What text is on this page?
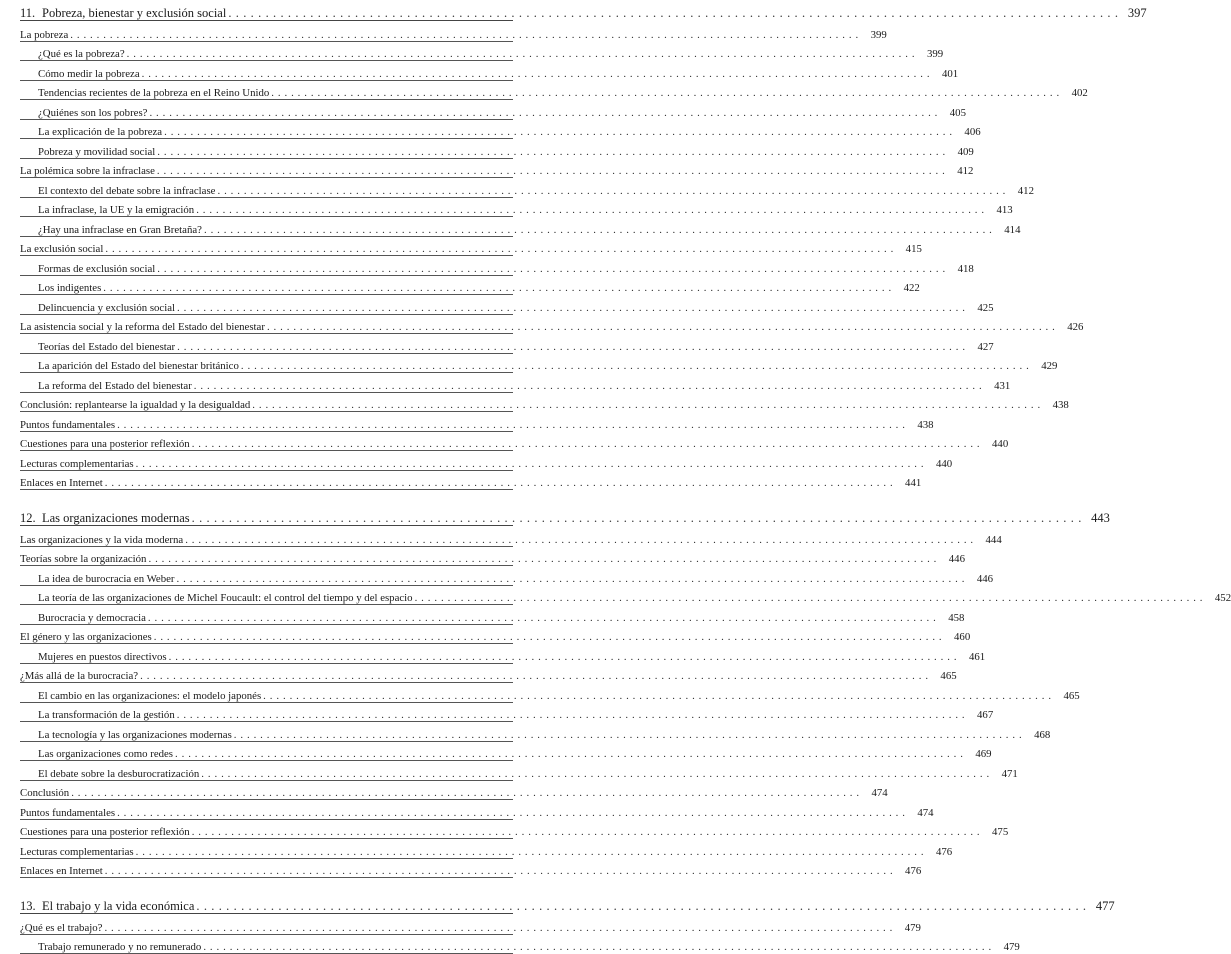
11. Pobreza, bienestar y exclusión social . . . . . . . . . . . . . . . . . . . . . . . . . . . . . . . . . . . . . . . . . . . . . . . . . . . . . . . . . . . . . . . . . . . . . . . . . . . . . . . . . . . . . . . . . . . . . . . . . . . . . . . . . . . . . . . . . . . . . . . . 397
La pobreza . . . . . . . . . . . . . . . . . . . . . . . . . . . . . . . . . . . . . . . . . . . . . . . . . . . . . . . . . . . . . . . . . . . . . . . . . . . . . . . . . . . . . . . . . . . . . . . . . . . . . . . . . . . . . . . . . . . . . . . .	399
¿Qué es la pobreza? . . . . . . . . . . . . . . . . . . . . . . . . . . . . . . . . . . . . . . . . . . . . . . . . . . . . . . . . . . . . . . . . . . . . . . . . . . . . . . . . . . . . . . . . . . . . . . . . . . . . . . . . . . . . . . . . . . . . . . . .	399
Cómo medir la pobreza . . . . . . . . . . . . . . . . . . . . . . . . . . . . . . . . . . . . . . . . . . . . . . . . . . . . . . . . . . . . . . . . . . . . . . . . . . . . . . . . . . . . . . . . . . . . . . . . . . . . . . . . . . . . . . . . . . . . . . . .	401
Tendencias recientes de la pobreza en el Reino Unido . . . . . . . . . . . . . . . . . . . . . . . . . . . . . . . . . . . . . . . . . . . . . . . . . . . . . . . . . . . . . . . . . . . . . . . . . . . . . . . . . . . . . . . . . . . . . . . . . . . . . . . . . . . . . . . . . . . . . . . .	402
¿Quiénes son los pobres? . . . . . . . . . . . . . . . . . . . . . . . . . . . . . . . . . . . . . . . . . . . . . . . . . . . . . . . . . . . . . . . . . . . . . . . . . . . . . . . . . . . . . . . . . . . . . . . . . . . . . . . . . . . . . . . . . . . . . . . .	405
La explicación de la pobreza . . . . . . . . . . . . . . . . . . . . . . . . . . . . . . . . . . . . . . . . . . . . . . . . . . . . . . . . . . . . . . . . . . . . . . . . . . . . . . . . . . . . . . . . . . . . . . . . . . . . . . . . . . . . . . . . . . . . . . . .	406
Pobreza y movilidad social . . . . . . . . . . . . . . . . . . . . . . . . . . . . . . . . . . . . . . . . . . . . . . . . . . . . . . . . . . . . . . . . . . . . . . . . . . . . . . . . . . . . . . . . . . . . . . . . . . . . . . . . . . . . . . . . . . . . . . . .	409
La polémica sobre la infraclase . . . . . . . . . . . . . . . . . . . . . . . . . . . . . . . . . . . . . . . . . . . . . . . . . . . . . . . . . . . . . . . . . . . . . . . . . . . . . . . . . . . . . . . . . . . . . . . . . . . . . . . . . . . . . . . . . . . . . . . .	412
El contexto del debate sobre la infraclase . . . . . . . . . . . . . . . . . . . . . . . . . . . . . . . . . . . . . . . . . . . . . . . . . . . . . . . . . . . . . . . . . . . . . . . . . . . . . . . . . . . . . . . . . . . . . . . . . . . . . . . . . . . . . . . . . . . . . . . .	412
La infraclase, la UE y la emigración . . . . . . . . . . . . . . . . . . . . . . . . . . . . . . . . . . . . . . . . . . . . . . . . . . . . . . . . . . . . . . . . . . . . . . . . . . . . . . . . . . . . . . . . . . . . . . . . . . . . . . . . . . . . . . . . . . . . . . . .	413
¿Hay una infraclase en Gran Bretaña? . . . . . . . . . . . . . . . . . . . . . . . . . . . . . . . . . . . . . . . . . . . . . . . . . . . . . . . . . . . . . . . . . . . . . . . . . . . . . . . . . . . . . . . . . . . . . . . . . . . . . . . . . . . . . . . . . . . . . . . .	414
La exclusión social . . . . . . . . . . . . . . . . . . . . . . . . . . . . . . . . . . . . . . . . . . . . . . . . . . . . . . . . . . . . . . . . . . . . . . . . . . . . . . . . . . . . . . . . . . . . . . . . . . . . . . . . . . . . . . . . . . . . . . . .	415
Formas de exclusión social . . . . . . . . . . . . . . . . . . . . . . . . . . . . . . . . . . . . . . . . . . . . . . . . . . . . . . . . . . . . . . . . . . . . . . . . . . . . . . . . . . . . . . . . . . . . . . . . . . . . . . . . . . . . . . . . . . . . . . . .	418
Los indigentes . . . . . . . . . . . . . . . . . . . . . . . . . . . . . . . . . . . . . . . . . . . . . . . . . . . . . . . . . . . . . . . . . . . . . . . . . . . . . . . . . . . . . . . . . . . . . . . . . . . . . . . . . . . . . . . . . . . . . . . .	422
Delincuencia y exclusión social . . . . . . . . . . . . . . . . . . . . . . . . . . . . . . . . . . . . . . . . . . . . . . . . . . . . . . . . . . . . . . . . . . . . . . . . . . . . . . . . . . . . . . . . . . . . . . . . . . . . . . . . . . . . . . . . . . . . . . . .	425
La asistencia social y la reforma del Estado del bienestar . . . . . . . . . . . . . . . . . . . . . . . . . . . . . . . . . . . . . . . . . . . . . . . . . . . . . . . . . . . . . . . . . . . . . . . . . . . . . . . . . . . . . . . . . . . . . . . . . . . . . . . . . . . . . . . . . . . . . . . .	426
Teorías del Estado del bienestar . . . . . . . . . . . . . . . . . . . . . . . . . . . . . . . . . . . . . . . . . . . . . . . . . . . . . . . . . . . . . . . . . . . . . . . . . . . . . . . . . . . . . . . . . . . . . . . . . . . . . . . . . . . . . . . . . . . . . . . .	427
La aparición del Estado del bienestar británico . . . . . . . . . . . . . . . . . . . . . . . . . . . . . . . . . . . . . . . . . . . . . . . . . . . . . . . . . . . . . . . . . . . . . . . . . . . . . . . . . . . . . . . . . . . . . . . . . . . . . . . . . . . . . . . . . . . . . . . .	429
La reforma del Estado del bienestar . . . . . . . . . . . . . . . . . . . . . . . . . . . . . . . . . . . . . . . . . . . . . . . . . . . . . . . . . . . . . . . . . . . . . . . . . . . . . . . . . . . . . . . . . . . . . . . . . . . . . . . . . . . . . . . . . . . . . . . .	431
Conclusión: replantearse la igualdad y la desigualdad . . . . . . . . . . . . . . . . . . . . . . . . . . . . . . . . . . . . . . . . . . . . . . . . . . . . . . . . . . . . . . . . . . . . . . . . . . . . . . . . . . . . . . . . . . . . . . . . . . . . . . . . . . . . . . . . . . . . . . . .	438
Puntos fundamentales . . . . . . . . . . . . . . . . . . . . . . . . . . . . . . . . . . . . . . . . . . . . . . . . . . . . . . . . . . . . . . . . . . . . . . . . . . . . . . . . . . . . . . . . . . . . . . . . . . . . . . . . . . . . . . . . . . . . . . . .	438
Cuestiones para una posterior reflexión . . . . . . . . . . . . . . . . . . . . . . . . . . . . . . . . . . . . . . . . . . . . . . . . . . . . . . . . . . . . . . . . . . . . . . . . . . . . . . . . . . . . . . . . . . . . . . . . . . . . . . . . . . . . . . . . . . . . . . . .	440
Lecturas complementarias . . . . . . . . . . . . . . . . . . . . . . . . . . . . . . . . . . . . . . . . . . . . . . . . . . . . . . . . . . . . . . . . . . . . . . . . . . . . . . . . . . . . . . . . . . . . . . . . . . . . . . . . . . . . . . . . . . . . . . . .	440
Enlaces en Internet . . . . . . . . . . . . . . . . . . . . . . . . . . . . . . . . . . . . . . . . . . . . . . . . . . . . . . . . . . . . . . . . . . . . . . . . . . . . . . . . . . . . . . . . . . . . . . . . . . . . . . . . . . . . . . . . . . . . . . . .	441
12. Las organizaciones modernas . . . . . . . . . . . . . . . . . . . . . . . . . . . . . . . . . . . . . . . . . . . . . . . . . . . . . . . . . . . . . . . . . . . . . . . . . . . . . . . . . . . . . . . . . . . . . . . . . . . . . . . . . . . . . . . . . . . . . . . . 443
Las organizaciones y la vida moderna . . . . . . . . . . . . . . . . . . . . . . . . . . . . . . . . . . . . . . . . . . . . . . . . . . . . . . . . . . . . . . . . . . . . . . . . . . . . . . . . . . . . . . . . . . . . . . . . . . . . . . . . . . . . . . . . . . . . . . . .	444
Teorías sobre la organización . . . . . . . . . . . . . . . . . . . . . . . . . . . . . . . . . . . . . . . . . . . . . . . . . . . . . . . . . . . . . . . . . . . . . . . . . . . . . . . . . . . . . . . . . . . . . . . . . . . . . . . . . . . . . . . . . . . . . . . .	446
La idea de burocracia en Weber . . . . . . . . . . . . . . . . . . . . . . . . . . . . . . . . . . . . . . . . . . . . . . . . . . . . . . . . . . . . . . . . . . . . . . . . . . . . . . . . . . . . . . . . . . . . . . . . . . . . . . . . . . . . . . . . . . . . . . . .	446
La teoría de las organizaciones de Michel Foucault: el control del tiempo y del espacio . . . . . . . . . . . . . . . . . . . . . . . . . . . . . . . . . . . . . . . . . . . . . . . . . . . . . . . . . . . . . . . . . . . . . . . . . . . . . . . . . . . . . . . . . . . . . . . . . . . . . . . . . . . . . . . . . . . . . . . .	452
Burocracia y democracia . . . . . . . . . . . . . . . . . . . . . . . . . . . . . . . . . . . . . . . . . . . . . . . . . . . . . . . . . . . . . . . . . . . . . . . . . . . . . . . . . . . . . . . . . . . . . . . . . . . . . . . . . . . . . . . . . . . . . . . .	458
El género y las organizaciones . . . . . . . . . . . . . . . . . . . . . . . . . . . . . . . . . . . . . . . . . . . . . . . . . . . . . . . . . . . . . . . . . . . . . . . . . . . . . . . . . . . . . . . . . . . . . . . . . . . . . . . . . . . . . . . . . . . . . . . .	460
Mujeres en puestos directivos . . . . . . . . . . . . . . . . . . . . . . . . . . . . . . . . . . . . . . . . . . . . . . . . . . . . . . . . . . . . . . . . . . . . . . . . . . . . . . . . . . . . . . . . . . . . . . . . . . . . . . . . . . . . . . . . . . . . . . . .	461
¿Más allá de la burocracia? . . . . . . . . . . . . . . . . . . . . . . . . . . . . . . . . . . . . . . . . . . . . . . . . . . . . . . . . . . . . . . . . . . . . . . . . . . . . . . . . . . . . . . . . . . . . . . . . . . . . . . . . . . . . . . . . . . . . . . . .	465
El cambio en las organizaciones: el modelo japonés . . . . . . . . . . . . . . . . . . . . . . . . . . . . . . . . . . . . . . . . . . . . . . . . . . . . . . . . . . . . . . . . . . . . . . . . . . . . . . . . . . . . . . . . . . . . . . . . . . . . . . . . . . . . . . . . . . . . . . . .	465
La transformación de la gestión . . . . . . . . . . . . . . . . . . . . . . . . . . . . . . . . . . . . . . . . . . . . . . . . . . . . . . . . . . . . . . . . . . . . . . . . . . . . . . . . . . . . . . . . . . . . . . . . . . . . . . . . . . . . . . . . . . . . . . . .	467
La tecnología y las organizaciones modernas . . . . . . . . . . . . . . . . . . . . . . . . . . . . . . . . . . . . . . . . . . . . . . . . . . . . . . . . . . . . . . . . . . . . . . . . . . . . . . . . . . . . . . . . . . . . . . . . . . . . . . . . . . . . . . . . . . . . . . . .	468
Las organizaciones como redes . . . . . . . . . . . . . . . . . . . . . . . . . . . . . . . . . . . . . . . . . . . . . . . . . . . . . . . . . . . . . . . . . . . . . . . . . . . . . . . . . . . . . . . . . . . . . . . . . . . . . . . . . . . . . . . . . . . . . . . .	469
El debate sobre la desburocratización . . . . . . . . . . . . . . . . . . . . . . . . . . . . . . . . . . . . . . . . . . . . . . . . . . . . . . . . . . . . . . . . . . . . . . . . . . . . . . . . . . . . . . . . . . . . . . . . . . . . . . . . . . . . . . . . . . . . . . . .	471
Conclusión . . . . . . . . . . . . . . . . . . . . . . . . . . . . . . . . . . . . . . . . . . . . . . . . . . . . . . . . . . . . . . . . . . . . . . . . . . . . . . . . . . . . . . . . . . . . . . . . . . . . . . . . . . . . . . . . . . . . . . . .	474
Puntos fundamentales . . . . . . . . . . . . . . . . . . . . . . . . . . . . . . . . . . . . . . . . . . . . . . . . . . . . . . . . . . . . . . . . . . . . . . . . . . . . . . . . . . . . . . . . . . . . . . . . . . . . . . . . . . . . . . . . . . . . . . . .	474
Cuestiones para una posterior reflexión . . . . . . . . . . . . . . . . . . . . . . . . . . . . . . . . . . . . . . . . . . . . . . . . . . . . . . . . . . . . . . . . . . . . . . . . . . . . . . . . . . . . . . . . . . . . . . . . . . . . . . . . . . . . . . . . . . . . . . . .	475
Lecturas complementarias . . . . . . . . . . . . . . . . . . . . . . . . . . . . . . . . . . . . . . . . . . . . . . . . . . . . . . . . . . . . . . . . . . . . . . . . . . . . . . . . . . . . . . . . . . . . . . . . . . . . . . . . . . . . . . . . . . . . . . . .	476
Enlaces en Internet . . . . . . . . . . . . . . . . . . . . . . . . . . . . . . . . . . . . . . . . . . . . . . . . . . . . . . . . . . . . . . . . . . . . . . . . . . . . . . . . . . . . . . . . . . . . . . . . . . . . . . . . . . . . . . . . . . . . . . . .	476
13. El trabajo y la vida económica . . . . . . . . . . . . . . . . . . . . . . . . . . . . . . . . . . . . . . . . . . . . . . . . . . . . . . . . . . . . . . . . . . . . . . . . . . . . . . . . . . . . . . . . . . . . . . . . . . . . . . . . . . . . . . . . . . . . . . . . 477
¿Qué es el trabajo? . . . . . . . . . . . . . . . . . . . . . . . . . . . . . . . . . . . . . . . . . . . . . . . . . . . . . . . . . . . . . . . . . . . . . . . . . . . . . . . . . . . . . . . . . . . . . . . . . . . . . . . . . . . . . . . . . . . . . . . .	479
Trabajo remunerado y no remunerado . . . . . . . . . . . . . . . . . . . . . . . . . . . . . . . . . . . . . . . . . . . . . . . . . . . . . . . . . . . . . . . . . . . . . . . . . . . . . . . . . . . . . . . . . . . . . . . . . . . . . . . . . . . . . . . . . . . . . . . .	479
